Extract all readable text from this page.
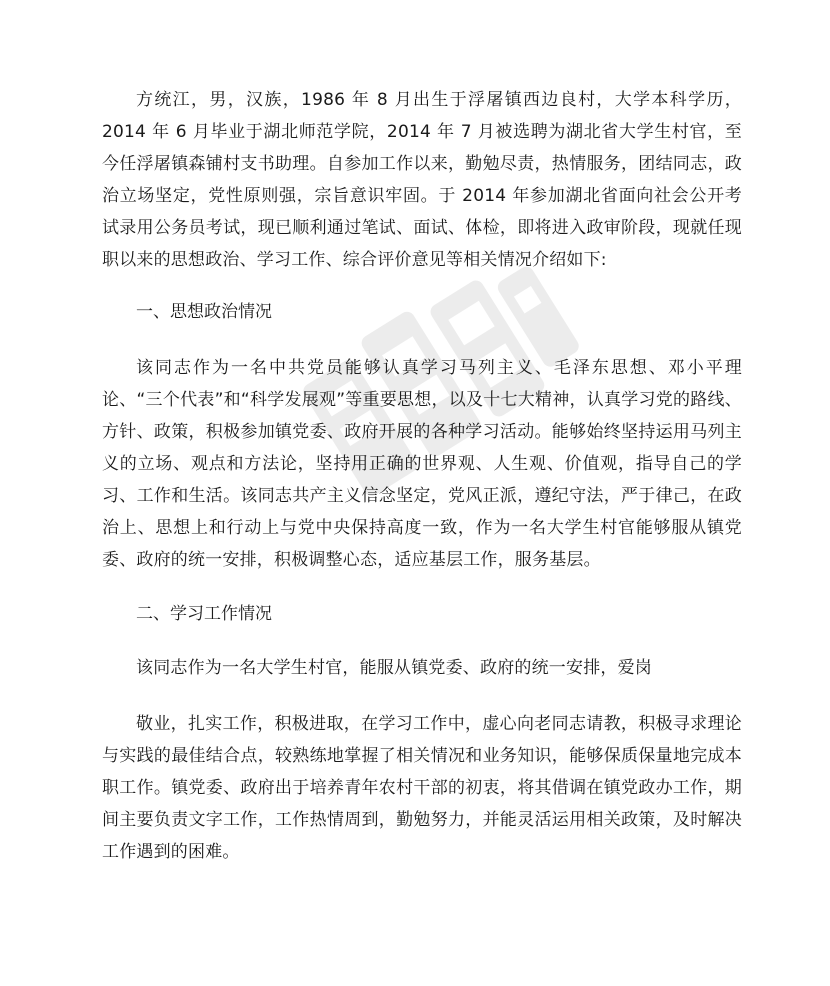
方统江，男，汉族，1986 年 8 月出生于浮屠镇西边良村，大学本科学历，2014 年 6 月毕业于湖北师范学院，2014 年 7 月被选聘为湖北省大学生村官，至今任浮屠镇森铺村支书助理。自参加工作以来，勤勉尽责，热情服务，团结同志，政治立场坚定，党性原则强，宗旨意识牢固。于 2014 年参加湖北省面向社会公开考试录用公务员考试，现已顺利通过笔试、面试、体检，即将进入政审阶段，现就任现职以来的思想政治、学习工作、综合评价意见等相关情况介绍如下:

一、思想政治情况

该同志作为一名中共党员能够认真学习马列主义、毛泽东思想、邓小平理论、“三个代表”和“科学发展观”等重要思想，以及十七大精神，认真学习党的路线、方针、政策，积极参加镇党委、政府开展的各种学习活动。能够始终坚持运用马列主义的立场、观点和方法论，坚持用正确的世界观、人生观、价值观，指导自己的学习、工作和生活。该同志共产主义信念坚定，党风正派，遵纪守法，严于律己，在政治上、思想上和行动上与党中央保持高度一致，作为一名大学生村官能够服从镇党委、政府的统一安排，积极调整心态，适应基层工作，服务基层。

二、学习工作情况

该同志作为一名大学生村官，能服从镇党委、政府的统一安排，爱岗

敬业，扎实工作，积极进取，在学习工作中，虚心向老同志请教，积极寻求理论与实践的最佳结合点，较熟练地掌握了相关情况和业务知识，能够保质保量地完成本职工作。镇党委、政府出于培养青年农村干部的初衷，将其借调在镇党政办工作，期间主要负责文字工作，工作热情周到，勤勉努力，并能灵活运用相关政策，及时解决工作遇到的困难。
